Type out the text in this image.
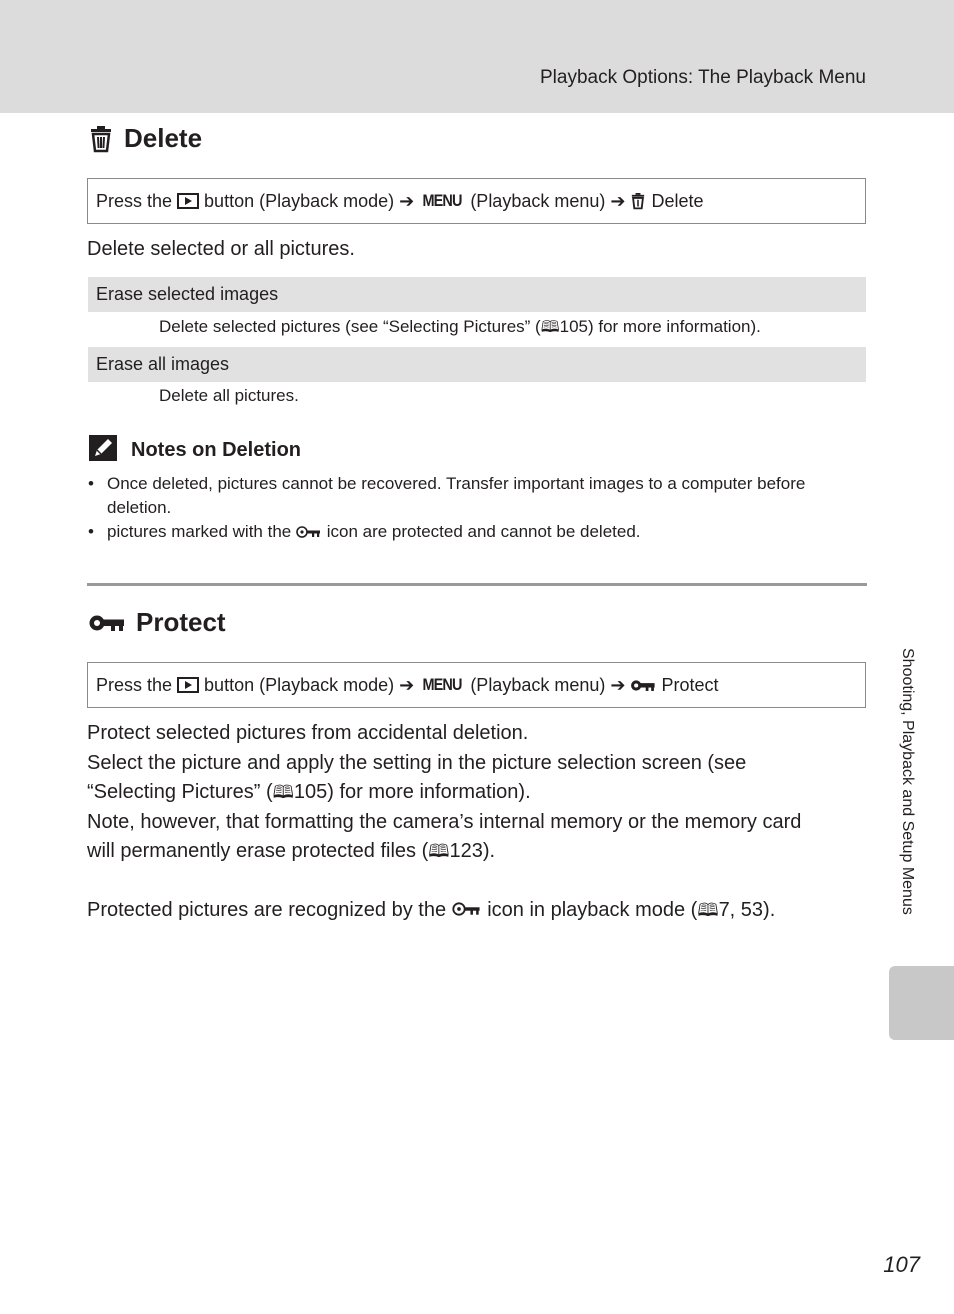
Playback Options: The Playback Menu
Delete
Press the button (Playback mode) ➔ MENU (Playback menu) ➔ Delete
Delete selected or all pictures.
Erase selected images
Delete selected pictures (see “Selecting Pictures” (🕮105) for more information).
Erase all images
Delete all pictures.
Notes on Deletion
• Once deleted, pictures cannot be recovered. Transfer important images to a computer before
deletion.
• pictures marked with the icon are protected and cannot be deleted.
Protect
Press the button (Playback mode) ➔ MENU (Playback menu) ➔ Protect
Protect selected pictures from accidental deletion.
Select the picture and apply the setting in the picture selection screen (see
“Selecting Pictures” (🕮105) for more information).
Note, however, that formatting the camera’s internal memory or the memory card
will permanently erase protected files (🕮123).
Protected pictures are recognized by the icon in playback mode (🕮7, 53).	Shooting, Playback and Setup Menus
107
